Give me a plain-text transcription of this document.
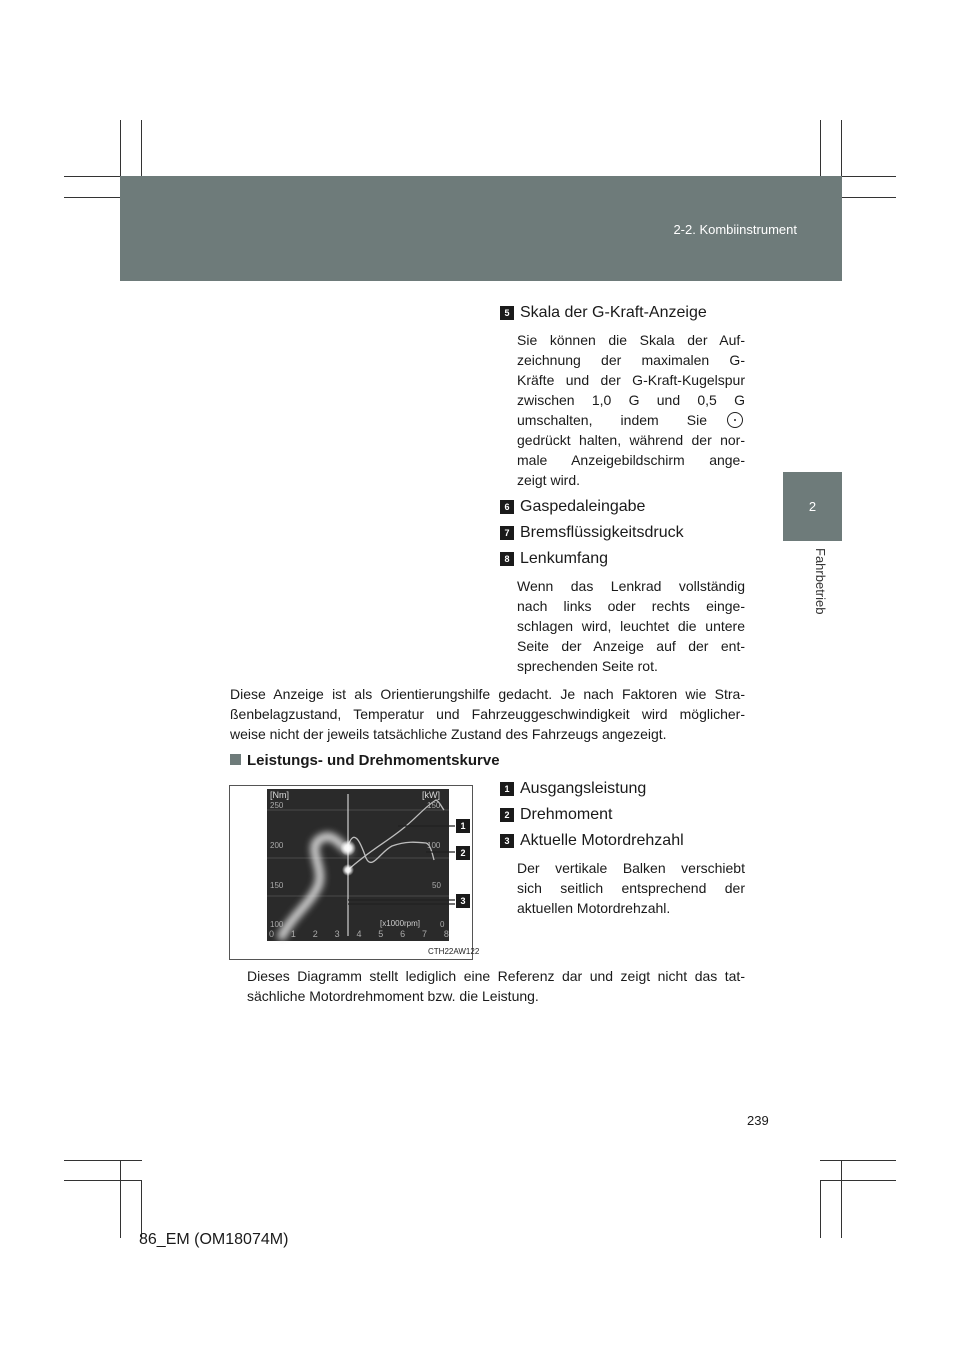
2-2. Kombiinstrument
2
Fahrbetrieb
5 Skala der G-Kraft-Anzeige
Sie können die Skala der Auf-
zeichnung der maximalen G-
Kräfte und der G-Kraft-Kugelspur
zwischen 1,0 G und 0,5 G
umschalten, indem Sie
gedrückt halten, während der nor-
male Anzeigebildschirm ange-
zeigt wird.
6 Gaspedaleingabe
7 Bremsflüssigkeitsdruck
8 Lenkumfang
Wenn das Lenkrad vollständig
nach links oder rechts einge-
schlagen wird, leuchtet die untere
Seite der Anzeige auf der ent-
sprechenden Seite rot.
Diese Anzeige ist als Orientierungshilfe gedacht. Je nach Faktoren wie Stra-
ßenbelagzustand, Temperatur und Fahrzeuggeschwindigkeit wird möglicher-
weise nicht der jeweils tatsächliche Zustand des Fahrzeugs angezeigt.
Leistungs- und Drehmomentskurve
[Nm]	[kW]
250
200
150
100
150
100
50
0
[x1000rpm]
0 1 2 3 4 5 6 7 8
1
2
3
CTH22AW122
1 Ausgangsleistung
2 Drehmoment
3 Aktuelle Motordrehzahl
Der vertikale Balken verschiebt
sich seitlich entsprechend der
aktuellen Motordrehzahl.
Dieses Diagramm stellt lediglich eine Referenz dar und zeigt nicht das tat-
sächliche Motordrehmoment bzw. die Leistung.
239
86_EM (OM18074M)
